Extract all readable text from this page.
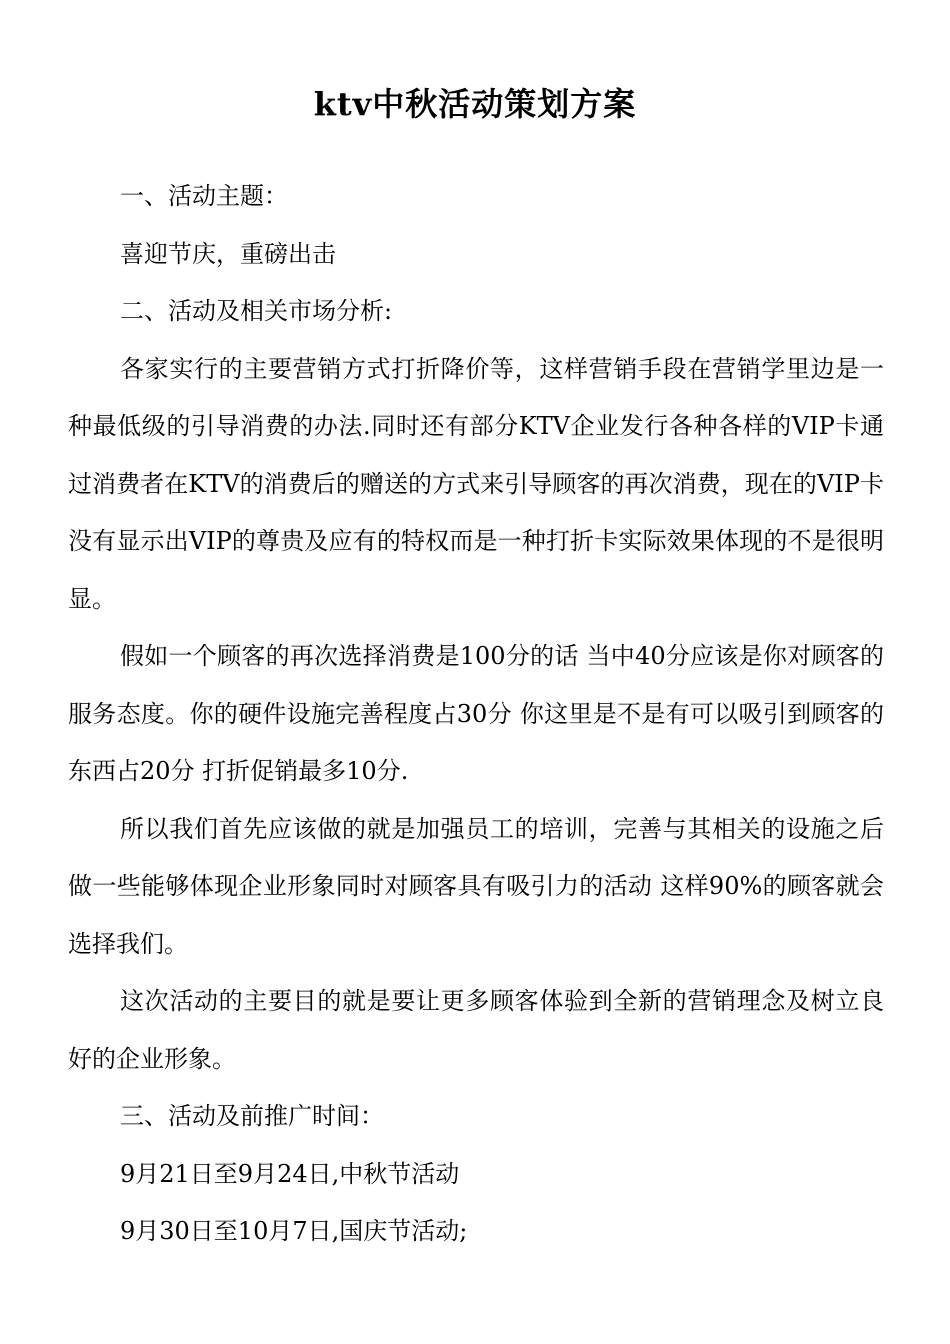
ktv中秋活动策划方案

一、活动主题：

喜迎节庆，重磅出击

二、活动及相关市场分析:

各家实行的主要营销方式打折降价等，这样营销手段在营销学里边是一种最低级的引导消费的办法.同时还有部分KTV企业发行各种各样的VIP卡通过消费者在KTV的消费后的赠送的方式来引导顾客的再次消费，现在的VIP卡没有显示出VIP的尊贵及应有的特权而是一种打折卡实际效果体现的不是很明显。

假如一个顾客的再次选择消费是100分的话 当中40分应该是你对顾客的服务态度。你的硬件设施完善程度占30分 你这里是不是有可以吸引到顾客的东西占20分 打折促销最多10分.

所以我们首先应该做的就是加强员工的培训，完善与其相关的设施之后做一些能够体现企业形象同时对顾客具有吸引力的活动 这样90%的顾客就会选择我们。

这次活动的主要目的就是要让更多顾客体验到全新的营销理念及树立良好的企业形象。

三、活动及前推广时间：

9月21日至9月24日,中秋节活动

9月30日至10月7日,国庆节活动;
